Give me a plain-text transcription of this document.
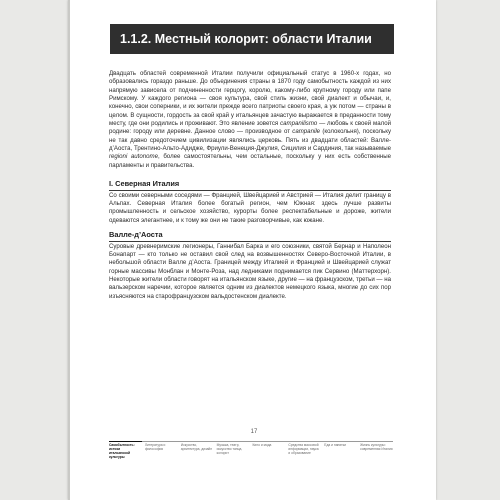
1.1.2. Местный колорит: области Италии

Двадцать областей современной Италии получили официальный статус в 1960-х годах, но образовались гораздо раньше. До объединения страны в 1870 году самобытность каждой из них напрямую зависела от подчиненности герцогу, королю, какому-либо крупному городу или папе Римскому. У каждого региона — своя культура, свой стиль жизни, свой диалект и обычаи, и, конечно, свои соперники, и их жители прежде всего патриоты своего края, а уж потом — страны в целом. В сущности, гордость за свой край у итальянцев зачастую выражается в преданности тому месту, где они родились и проживают. Это явление зовется campanilismo — любовь к своей малой родине: городу или деревне. Данное слово — производное от campanile (колокольня), поскольку не так давно средоточием цивилизации являлись церковь. Пять из двадцати областей: Валле-д’Аоста, Трентино-Альто-Адидже, Фриули-Венеция-Джулия, Сицилия и Сардиния, так называемые regioni autonome, более самостоятельны, чем остальные, поскольку у них есть собственные парламенты и правительства.

I. Северная Италия

Со своими северными соседями — Францией, Швейцарией и Австрией — Италия делит границу в Альпах. Северная Италия более богатый регион, чем Южная: здесь лучше развиты промышленность и сельское хозяйство, курорты более респектабельные и дороже, жители одеваются элегантнее, и к тому же они не такие разговорчивые, как южане.

Валле-д’Аоста

Суровые древнеримские легионеры, Ганнибал Барка и его союзники, святой Бернар и Наполеон Бонапарт — кто только не оставил свой след на возвышенностях Северо-Восточной Италии, в небольшой области Валле д’Аоста. Границей между Италией и Францией и Швейцарией служат горные массивы Монблан и Монте-Роза, над ледниками поднимается пик Сервино (Маттерхорн). Некоторые жители области говорят на итальянском языке, другие — на французском, третьи — на вальзерском наречии, которое является одним из диалектов немецкого языка, многие до сих пор изъясняются на старофранцузском вальдостенском диалекте.

17
Самобытность: истоки итальянской культуры
Литература и философия
Искусство, архитектура, дизайн
Музыка, театр, искусство танца, колорит
Кино и мода	Средства массовой информации, наука и образование
Еда и напитки	Жизнь культуры: современная Италия
